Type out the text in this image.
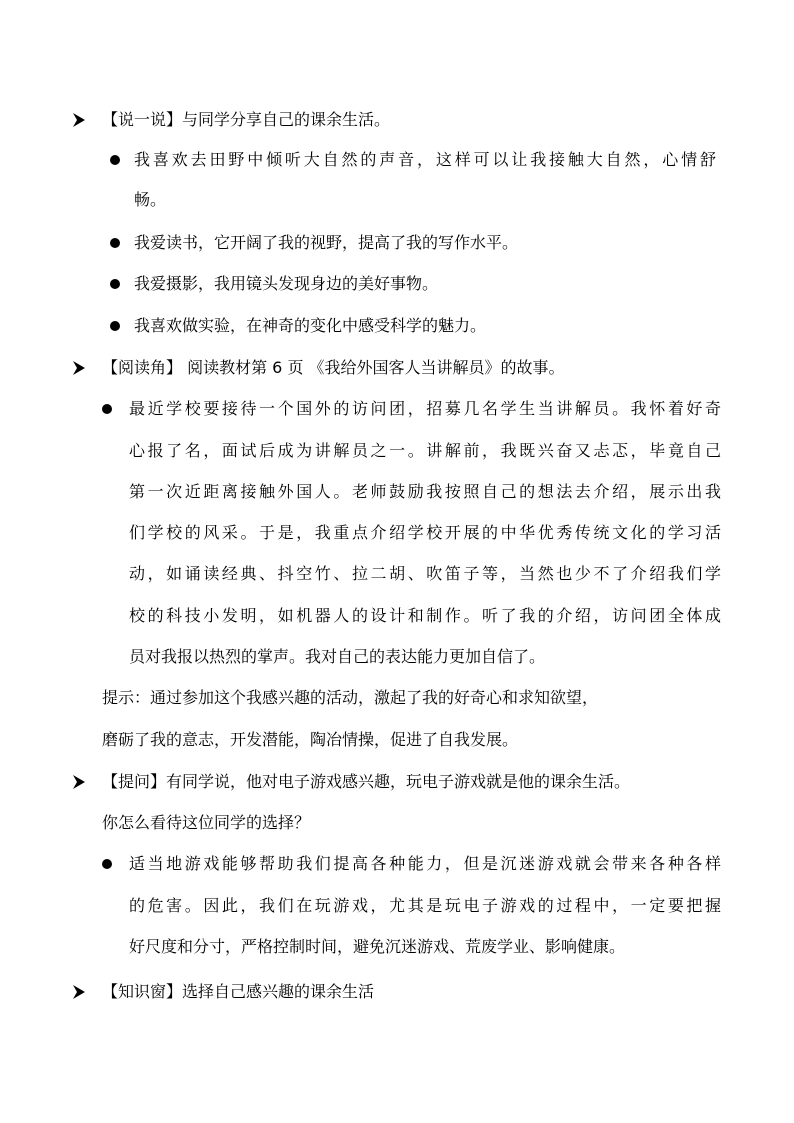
【说一说】与同学分享自己的课余生活。
我喜欢去田野中倾听大自然的声音，这样可以让我接触大自然，心情舒
畅。
我爱读书，它开阔了我的视野，提高了我的写作水平。
我爱摄影，我用镜头发现身边的美好事物。
我喜欢做实验，在神奇的变化中感受科学的魅力。
【阅读角】 阅读教材第 6 页 《我给外国客人当讲解员》的故事。
最近学校要接待一个国外的访问团，招募几名学生当讲解员。我怀着好奇
心报了名，面试后成为讲解员之一。讲解前，我既兴奋又忐忑，毕竟自己
第一次近距离接触外国人。老师鼓励我按照自己的想法去介绍，展示出我
们学校的风采。于是，我重点介绍学校开展的中华优秀传统文化的学习活
动，如诵读经典、抖空竹、拉二胡、吹笛子等，当然也少不了介绍我们学
校的科技小发明，如机器人的设计和制作。听了我的介绍，访问团全体成
员对我报以热烈的掌声。我对自己的表达能力更加自信了。
提示：通过参加这个我感兴趣的活动，激起了我的好奇心和求知欲望，
磨砺了我的意志，开发潜能，陶冶情操，促进了自我发展。
【提问】有同学说，他对电子游戏感兴趣，玩电子游戏就是他的课余生活。
你怎么看待这位同学的选择？
适当地游戏能够帮助我们提高各种能力，但是沉迷游戏就会带来各种各样
的危害。因此，我们在玩游戏，尤其是玩电子游戏的过程中，一定要把握
好尺度和分寸，严格控制时间，避免沉迷游戏、荒废学业、影响健康。
【知识窗】选择自己感兴趣的课余生活
